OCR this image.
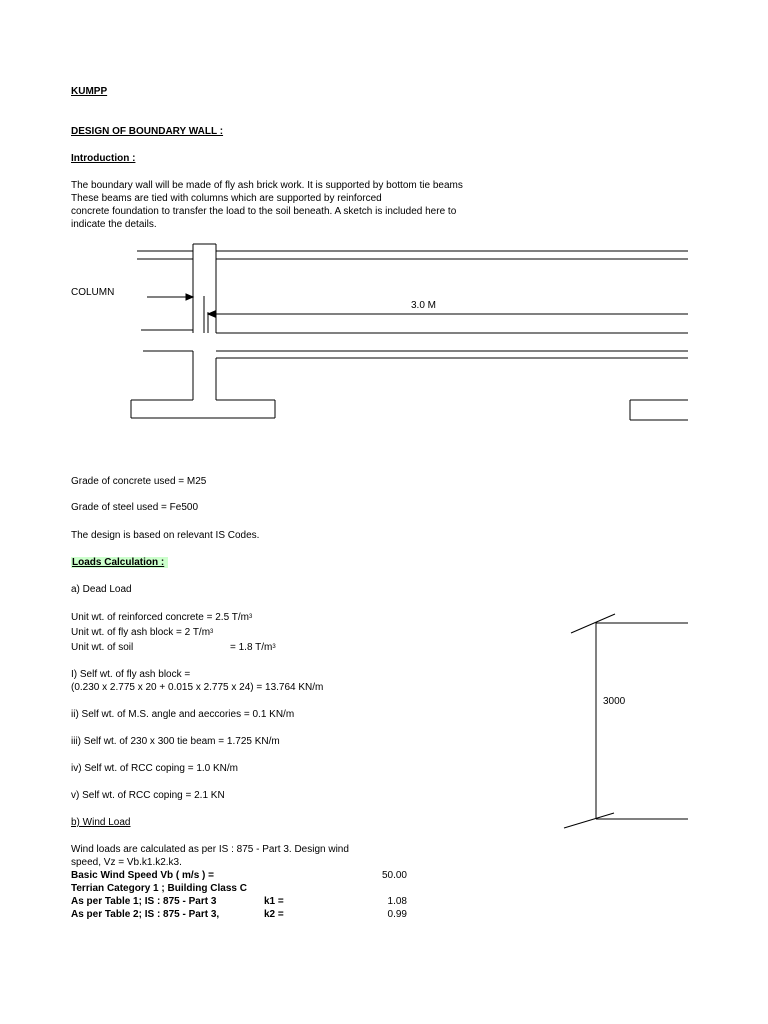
KUMPP
DESIGN OF BOUNDARY WALL :
Introduction :
The boundary wall will be made of fly ash brick work. It is supported by bottom tie beams
These beams are tied with columns which are supported by reinforced
concrete foundation to transfer the load to the soil beneath. A sketch is included here to
indicate the details.
COLUMN
3.0 M
Grade of concrete used = M25
Grade of steel used = Fe500
The design is based on relevant IS Codes.
Loads Calculation :
a) Dead Load
Unit wt. of reinforced concrete = 2.5 $T/m^3$
Unit wt. of fly ash block = 2 $T/m^3$
Unit wt. of soil	= 1.8 $T/m^3$
I) Self wt. of fly ash block =
(0.230 x 2.775 x 20 + 0.015 x 2.775 x 24) = 13.764 KN/m
ii) Self wt. of M.S. angle and aeccories = 0.1 KN/m
iii) Self wt. of 230 x 300 tie beam = 1.725 KN/m
iv) Self wt. of RCC coping = 1.0 KN/m
v) Self wt. of RCC coping = 2.1 KN
3000
b) Wind Load
Wind loads are calculated as per IS : 875 - Part 3. Design wind
speed, Vz = Vb.k1.k2.k3.
Basic Wind Speed Vb ( m/s ) =	50.00
Terrian Category 1 ; Building Class C
As per Table 1; IS : 875 - Part 3	k1 =	1.08
As per Table 2; IS : 875 - Part 3,	k2 =	0.99
